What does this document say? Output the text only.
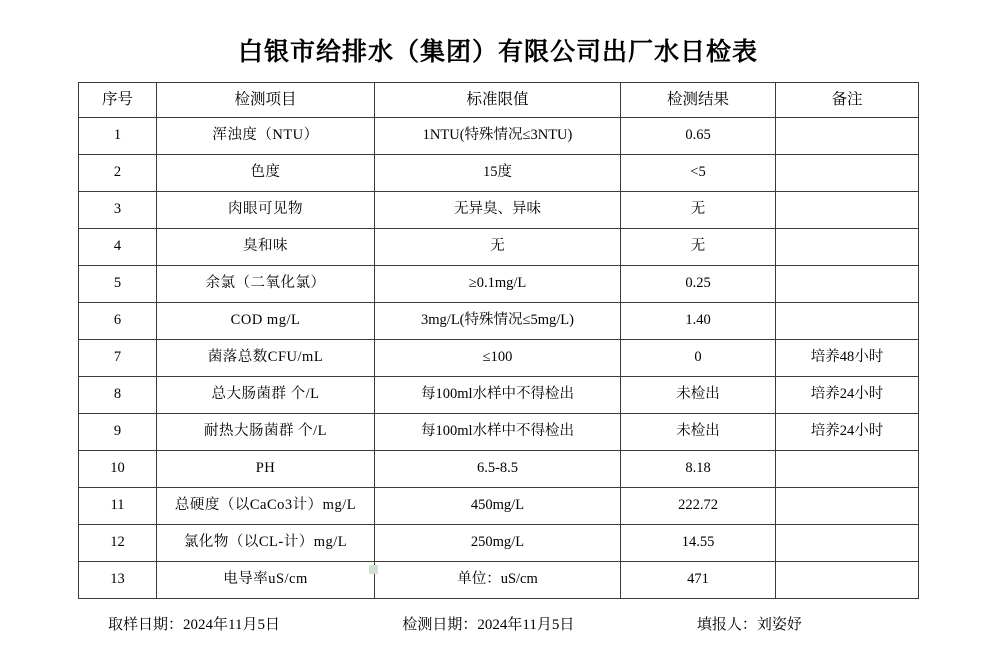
白银市给排水（集团）有限公司出厂水日检表
序号	检测项目	标准限值	检测结果	备注
1	浑浊度（NTU）	1NTU(特殊情况≤3NTU)	0.65	
2	色度	15度	<5	
3	肉眼可见物	无异臭、异味	无	
4	臭和味	无	无	
5	余氯（二氧化氯）	≥0.1mg/L	0.25	
6	COD mg/L	3mg/L(特殊情况≤5mg/L)	1.40	
7	菌落总数CFU/mL	≤100	0	培养48小时
8	总大肠菌群 个/L	每100ml水样中不得检出	未检出	培养24小时
9	耐热大肠菌群 个/L	每100ml水样中不得检出	未检出	培养24小时
10	PH	6.5-8.5	8.18	
11	总硬度（以CaCo3计）mg/L	450mg/L	222.72	
12	氯化物（以CL-计）mg/L	250mg/L	14.55	
13	电导率uS/cm	单位：uS/cm	471	
取样日期：2024年11月5日	检测日期：2024年11月5日	填报人：刘姿妤
